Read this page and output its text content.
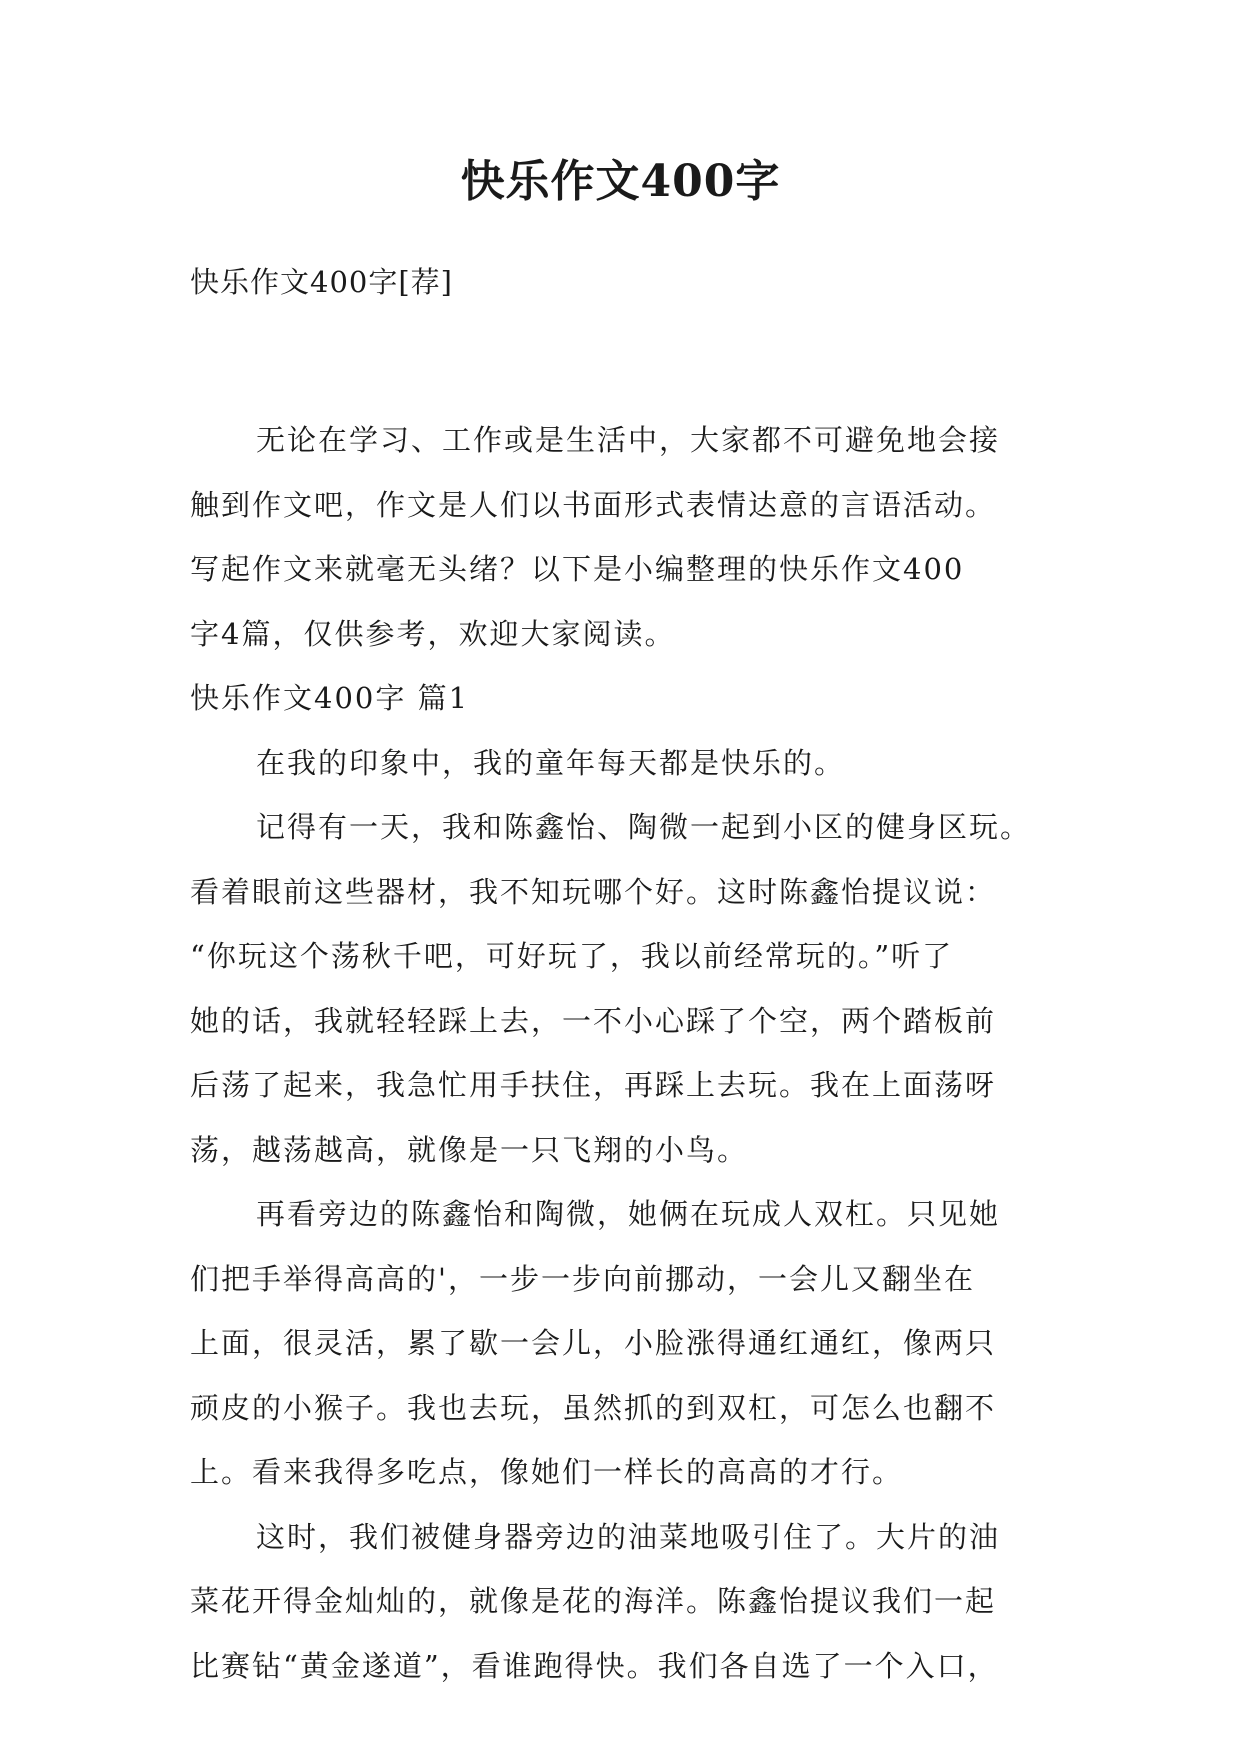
快乐作文400字

快乐作文400字[荐]

无论在学习、工作或是生活中，大家都不可避免地会接
触到作文吧，作文是人们以书面形式表情达意的言语活动。
写起作文来就毫无头绪？以下是小编整理的快乐作文400
字4篇，仅供参考，欢迎大家阅读。
快乐作文400字 篇1
在我的印象中，我的童年每天都是快乐的。
记得有一天，我和陈鑫怡、陶微一起到小区的健身区玩。
看着眼前这些器材，我不知玩哪个好。这时陈鑫怡提议说：
“你玩这个荡秋千吧，可好玩了，我以前经常玩的。”听了
她的话，我就轻轻踩上去，一不小心踩了个空，两个踏板前
后荡了起来，我急忙用手扶住，再踩上去玩。我在上面荡呀
荡，越荡越高，就像是一只飞翔的小鸟。
再看旁边的陈鑫怡和陶微，她俩在玩成人双杠。只见她
们把手举得高高的'，一步一步向前挪动，一会儿又翻坐在
上面，很灵活，累了歇一会儿，小脸涨得通红通红，像两只
顽皮的小猴子。我也去玩，虽然抓的到双杠，可怎么也翻不
上。看来我得多吃点，像她们一样长的高高的才行。
这时，我们被健身器旁边的油菜地吸引住了。大片的油
菜花开得金灿灿的，就像是花的海洋。陈鑫怡提议我们一起
比赛钻“黄金遂道”，看谁跑得快。我们各自选了一个入口，
